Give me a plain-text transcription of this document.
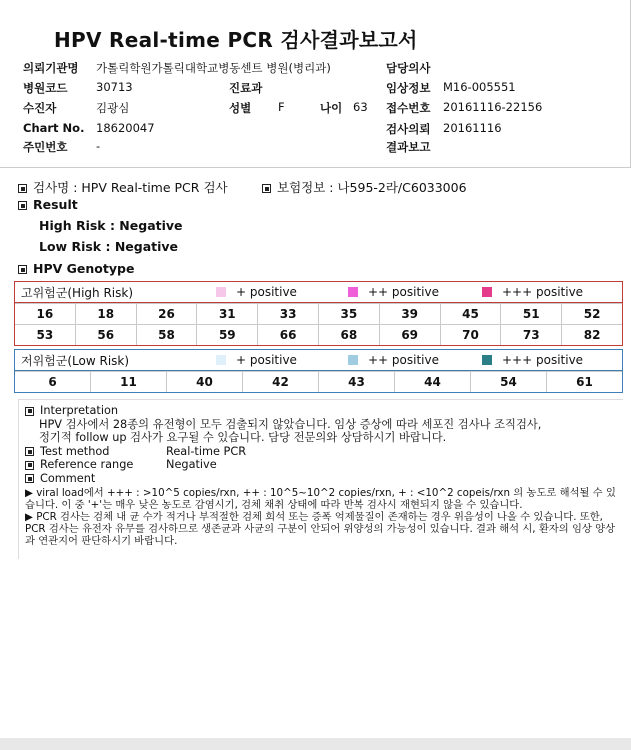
HPV Real-time PCR 검사결과보고서
의뢰기관명 가톨릭학원가톨릭대학교병동센트 병원(병리과)	담당의사
병원코드 30713	진료과	임상정보 M16-005551
수진자	김광심	성별 F	나이 63 접수번호 20161116-22156
Chart No. 18620047	검사의뢰 20161116
주민번호 -	결과보고
검사명 : HPV Real-time PCR 검사	보험정보 : 나595-2라/C6033006
Result
High Risk : Negative
Low Risk : Negative
HPV Genotype
고위험군(High Risk)	+ positive	++ positive	+++ positive
16	18	26	31	33	35	39	45	51	52
53	56	58	59	66	68	69	70	73	82
저위험군(Low Risk)	+ positive	++ positive	+++ positive
6	11	40	42	43	44	54	61
Interpretation
HPV 검사에서 28종의 유전형이 모두 검출되지 않았습니다. 임상 증상에 따라 세포진 검사나 조직검사,
정기적 follow up 검사가 요구될 수 있습니다. 담당 전문의와 상담하시기 바랍니다.
Test method	Real-time PCR
Reference range	Negative
Comment
▶ viral load에서 +++ : >10^5 copies/rxn, ++ : 10^5~10^2 copies/rxn, + : <10^2 copeis/rxn 의 농도로 해석될 수 있습니다. 이 중 '+'는 매우 낮은 농도로 감염시기, 검체 채취 상태에 따라 반복 검사시 재현되지 않을 수 있습니다.
▶ PCR 검사는 검체 내 균 수가 적거나 부적절한 검체 희석 또는 증폭 억제물질이 존재하는 경우 위음성이 나올 수 있습니다. 또한, PCR 검사는 유전자 유무를 검사하므로 생존균과 사균의 구분이 안되어 위양성의 가능성이 있습니다. 결과 해석 시, 환자의 임상 양상과 연관지어 판단하시기 바랍니다.
